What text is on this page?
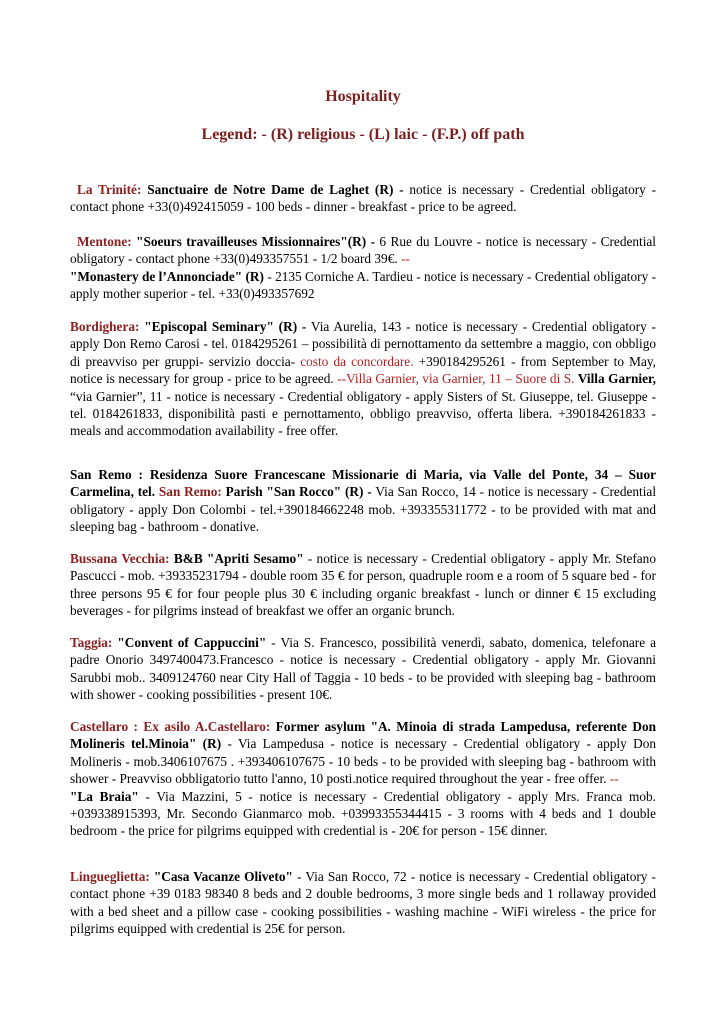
Hospitality
Legend: - (R) religious - (L) laic - (F.P.) off path
La Trinité: Sanctuaire de Notre Dame de Laghet (R) - notice is necessary - Credential obligatory - contact phone +33(0)492415059 - 100 beds - dinner - breakfast - price to be agreed.
Mentone: "Soeurs travailleuses Missionnaires"(R) - 6 Rue du Louvre - notice is necessary - Credential obligatory - contact phone +33(0)493357551 - 1/2 board 39€. --
"Monastery de l’Annonciade" (R) - 2135 Corniche A. Tardieu - notice is necessary - Credential obligatory - apply mother superior - tel. +33(0)493357692
Bordighera: "Episcopal Seminary" (R) - Via Aurelia, 143 - notice is necessary - Credential obligatory - apply Don Remo Carosi - tel. 0184295261 – possibilità di pernottamento da settembre a maggio, con obbligo di preavviso per gruppi- servizio doccia- costo da concordare. +390184295261 - from September to May, notice is necessary for group - price to be agreed. --Villa Garnier, via Garnier, 11 – Suore di S. Villa Garnier, “via Garnier”, 11 - notice is necessary - Credential obligatory - apply Sisters of St. Giuseppe, tel. Giuseppe - tel. 0184261833, disponibilità pasti e pernottamento, obbligo preavviso, offerta libera. +390184261833 - meals and accommodation availability - free offer.
San Remo : Residenza Suore Francescane Missionarie di Maria, via Valle del Ponte, 34 – Suor Carmelina, tel. San Remo: Parish "San Rocco" (R) - Via San Rocco, 14 - notice is necessary - Credential obligatory - apply Don Colombi - tel.+390184662248 mob. +393355311772 - to be provided with mat and sleeping bag - bathroom - donative.
Bussana Vecchia: B&B "Apriti Sesamo" - notice is necessary - Credential obligatory - apply Mr. Stefano Pascucci - mob. +39335231794 - double room 35 € for person, quadruple room e a room of 5 square bed - for three persons 95 € for four people plus 30 € including organic breakfast - lunch or dinner € 15 excluding beverages - for pilgrims instead of breakfast we offer an organic brunch.
Taggia: "Convent of Cappuccini" - Via S. Francesco, possibilità venerdì, sabato, domenica, telefonare a padre Onorio 3497400473.Francesco - notice is necessary - Credential obligatory - apply Mr. Giovanni Sarubbi mob.. 3409124760 near City Hall of Taggia - 10 beds - to be provided with sleeping bag - bathroom with shower - cooking possibilities - present 10€.
Castellaro : Ex asilo A.Castellaro: Former asylum "A. Minoia di strada Lampedusa, referente Don Molineris tel.Minoia" (R) - Via Lampedusa - notice is necessary - Credential obligatory - apply Don Molineris - mob.3406107675 . +393406107675 - 10 beds - to be provided with sleeping bag - bathroom with shower - Preavviso obbligatorio tutto l'anno, 10 posti.notice required throughout the year - free offer. --
"La Braia" - Via Mazzini, 5 - notice is necessary - Credential obligatory - apply Mrs. Franca mob. +039338915393, Mr. Secondo Gianmarco mob. +03993355344415 - 3 rooms with 4 beds and 1 double bedroom - the price for pilgrims equipped with credential is - 20€ for person - 15€ dinner.
Lingueglietta: "Casa Vacanze Oliveto" - Via San Rocco, 72 - notice is necessary - Credential obligatory - contact phone +39 0183 98340 8 beds and 2 double bedrooms, 3 more single beds and 1 rollaway provided with a bed sheet and a pillow case - cooking possibilities - washing machine - WiFi wireless - the price for pilgrims equipped with credential is 25€ for person.
